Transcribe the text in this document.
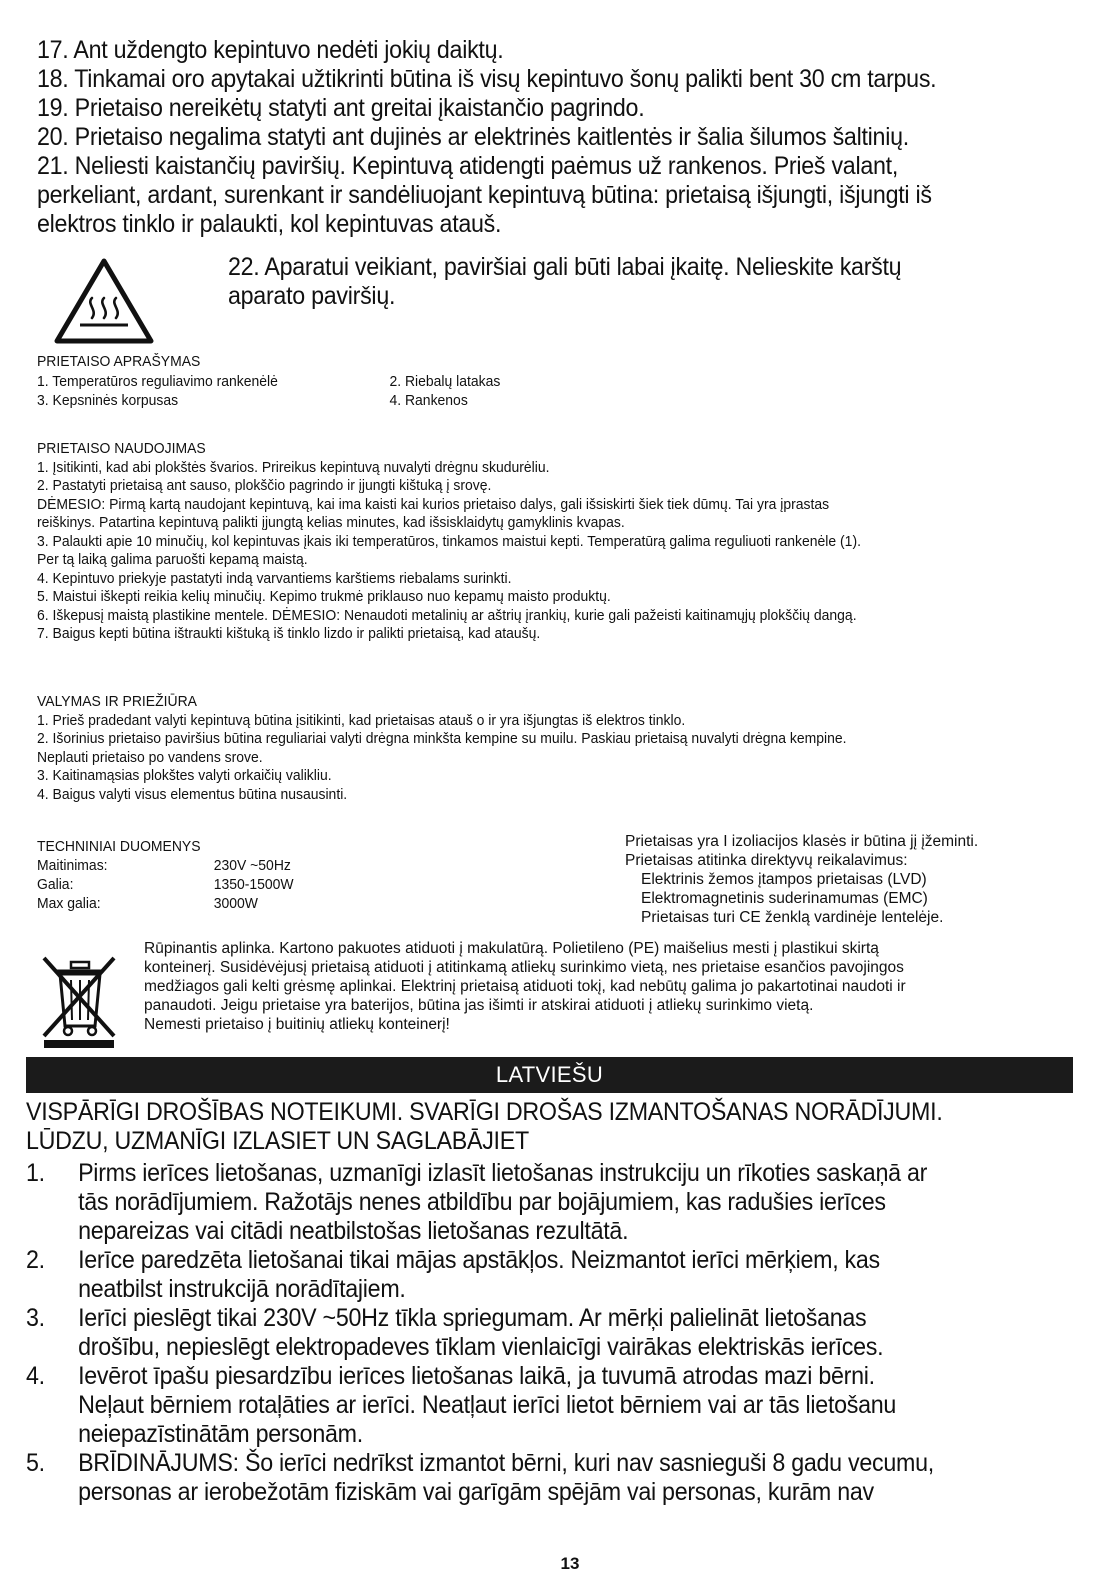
17. Ant uždengto kepintuvo nedėti jokių daiktų.
18. Tinkamai oro apytakai užtikrinti būtina iš visų kepintuvo šonų palikti bent 30 cm tarpus.
19. Prietaiso nereikėtų statyti ant greitai įkaistančio pagrindo.
20. Prietaiso negalima statyti ant dujinės ar elektrinės kaitlentės ir šalia šilumos šaltinių.
21. Neliesti kaistančių paviršių. Kepintuvą atidengti paėmus už rankenos. Prieš valant,
perkeliant, ardant, surenkant ir sandėliuojant kepintuvą būtina: prietaisą išjungti, išjungti iš
elektros tinklo ir palaukti, kol kepintuvas atauš.
22. Aparatui veikiant, paviršiai gali būti labai įkaitę. Nelieskite karštų
aparato paviršių.
PRIETAISO APRAŠYMAS
1. Temperatūros reguliavimo rankenėlė	2. Riebalų latakas
3. Kepsninės korpusas	4. Rankenos
PRIETAISO NAUDOJIMAS
1. Įsitikinti, kad abi plokštės švarios. Prireikus kepintuvą nuvalyti drėgnu skudurėliu.
2. Pastatyti prietaisą ant sauso, plokščio pagrindo ir įjungti kištuką į srovę.
DĖMESIO: Pirmą kartą naudojant kepintuvą, kai ima kaisti kai kurios prietaiso dalys, gali išsiskirti šiek tiek dūmų. Tai yra įprastas
reiškinys. Patartina kepintuvą palikti įjungtą kelias minutes, kad išsisklaidytų gamyklinis kvapas.
3. Palaukti apie 10 minučių, kol kepintuvas įkais iki temperatūros, tinkamos maistui kepti. Temperatūrą galima reguliuoti rankenėle (1).
Per tą laiką galima paruošti kepamą maistą.
4. Kepintuvo priekyje pastatyti indą varvantiems karštiems riebalams surinkti.
5. Maistui iškepti reikia kelių minučių. Kepimo trukmė priklauso nuo kepamų maisto produktų.
6. Iškepusį maistą plastikine mentele. DĖMESIO: Nenaudoti metalinių ar aštrių įrankių, kurie gali pažeisti kaitinamųjų plokščių dangą.
7. Baigus kepti būtina ištraukti kištuką iš tinklo lizdo ir palikti prietaisą, kad ataušų.
VALYMAS IR PRIEŽIŪRA
1. Prieš pradedant valyti kepintuvą būtina įsitikinti, kad prietaisas atauš o ir yra išjungtas iš elektros tinklo.
2. Išorinius prietaiso paviršius būtina reguliariai valyti drėgna minkšta kempine su muilu. Paskiau prietaisą nuvalyti drėgna kempine.
Neplauti prietaiso po vandens srove.
3. Kaitinamąsias plokštes valyti orkaičių valikliu.
4. Baigus valyti visus elementus būtina nusausinti.
TECHNINIAI DUOMENYS
Maitinimas:	230V ~50Hz
Galia:	1350-1500W
Max galia:	3000W
Prietaisas yra I izoliacijos klasės ir būtina jį įžeminti.
Prietaisas atitinka direktyvų reikalavimus:
Elektrinis žemos įtampos prietaisas (LVD)
Elektromagnetinis suderinamumas (EMC)
Prietaisas turi CE ženklą vardinėje lentelėje.
Rūpinantis aplinka. Kartono pakuotes atiduoti į makulatūrą. Polietileno (PE) maišelius mesti į plastikui skirtą
konteinerį. Susidėvėjusį prietaisą atiduoti į atitinkamą atliekų surinkimo vietą, nes prietaise esančios pavojingos
medžiagos gali kelti grėsmę aplinkai. Elektrinį prietaisą atiduoti tokį, kad nebūtų galima jo pakartotinai naudoti ir
panaudoti. Jeigu prietaise yra baterijos, būtina jas išimti ir atskirai atiduoti į atliekų surinkimo vietą.
Nemesti prietaiso į buitinių atliekų konteinerį!
LATVIEŠU
VISPĀRĪGI DROŠĪBAS NOTEIKUMI. SVARĪGI DROŠAS IZMANTOŠANAS NORĀDĪJUMI.
LŪDZU, UZMANĪGI IZLASIET UN SAGLABĀJIET
1. Pirms ierīces lietošanas, uzmanīgi izlasīt lietošanas instrukciju un rīkoties saskaņā ar
tās norādījumiem. Ražotājs nenes atbildību par bojājumiem, kas radušies ierīces
nepareizas vai citādi neatbilstošas lietošanas rezultātā.
2. Ierīce paredzēta lietošanai tikai mājas apstākļos. Neizmantot ierīci mērķiem, kas
neatbilst instrukcijā norādītajiem.
3. Ierīci pieslēgt tikai 230V ~50Hz tīkla spriegumam. Ar mērķi palielināt lietošanas
drošību, nepieslēgt elektropadeves tīklam vienlaicīgi vairākas elektriskās ierīces.
4. Ievērot īpašu piesardzību ierīces lietošanas laikā, ja tuvumā atrodas mazi bērni.
Neļaut bērniem rotaļāties ar ierīci. Neatļaut ierīci lietot bērniem vai ar tās lietošanu
neiepazīstinātām personām.
5. BRĪDINĀJUMS: Šo ierīci nedrīkst izmantot bērni, kuri nav sasnieguši 8 gadu vecumu,
personas ar ierobežotām fiziskām vai garīgām spējām vai personas, kurām nav
13
